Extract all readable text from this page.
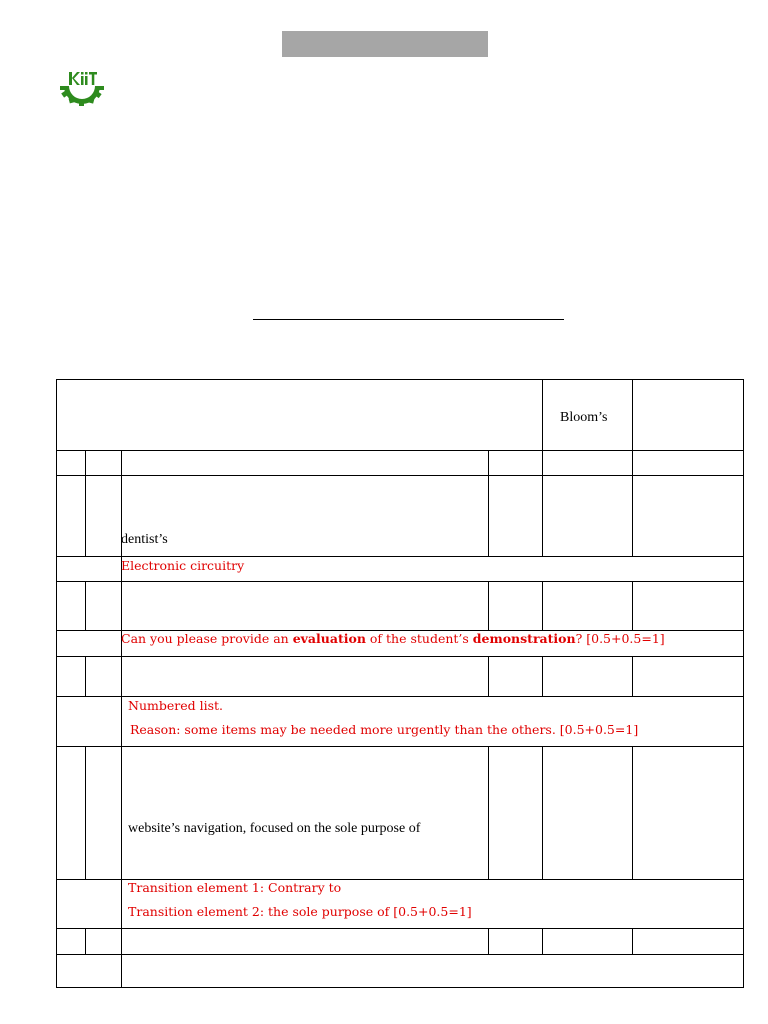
Bloom’s
dentist’s
Electronic circuitry
Can you please provide an evaluation of the student’s demonstration? [0.5+0.5=1]
Numbered list.
Reason: some items may be needed more urgently than the others. [0.5+0.5=1]
website’s navigation, focused on the sole purpose of
Transition element 1: Contrary to
Transition element 2: the sole purpose of [0.5+0.5=1]
